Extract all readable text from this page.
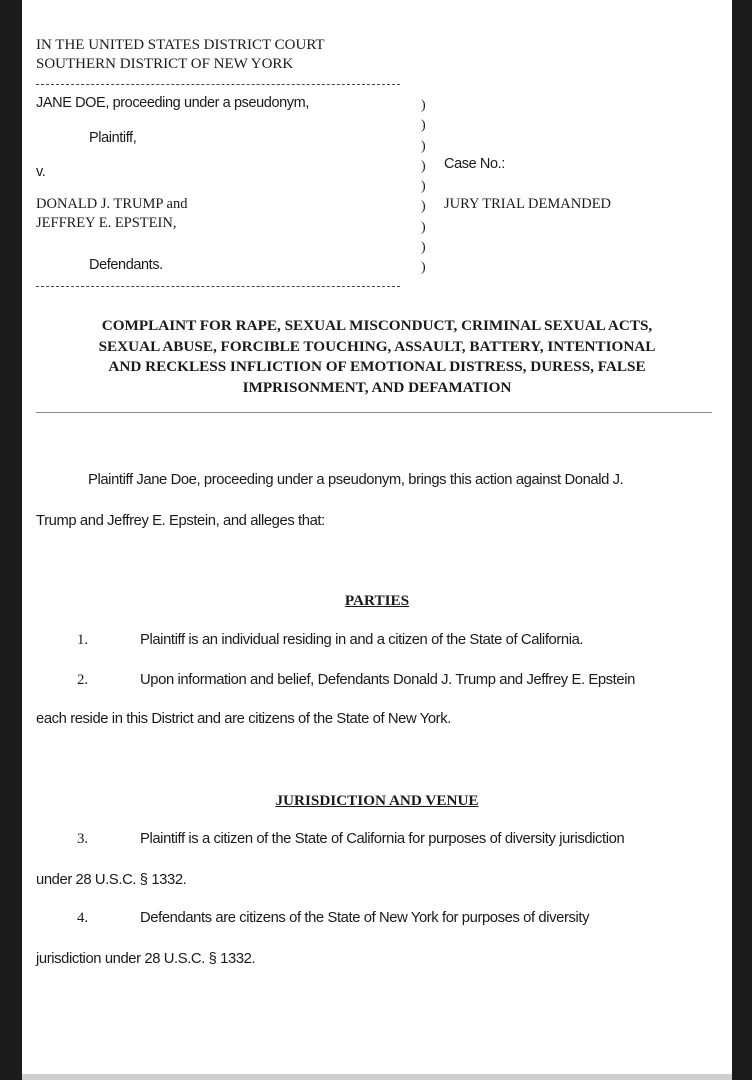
IN THE UNITED STATES DISTRICT COURT
SOUTHERN DISTRICT OF NEW YORK
JANE DOE, proceeding under a pseudonym,
Plaintiff,
v.
DONALD J. TRUMP and
JEFFREY E. EPSTEIN,
Defendants.
)
)
)
)
)
)
)
)
)
Case No.:
JURY TRIAL DEMANDED
COMPLAINT FOR RAPE, SEXUAL MISCONDUCT, CRIMINAL SEXUAL ACTS,
SEXUAL ABUSE, FORCIBLE TOUCHING, ASSAULT, BATTERY, INTENTIONAL
AND RECKLESS INFLICTION OF EMOTIONAL DISTRESS, DURESS, FALSE
IMPRISONMENT, AND DEFAMATION
Plaintiff Jane Doe, proceeding under a pseudonym, brings this action against Donald J.
Trump and Jeffrey E. Epstein, and alleges that:
PARTIES
1.	Plaintiff is an individual residing in and a citizen of the State of California.
2.	Upon information and belief, Defendants Donald J. Trump and Jeffrey E. Epstein
each reside in this District and are citizens of the State of New York.
JURISDICTION AND VENUE
3.	Plaintiff is a citizen of the State of California for purposes of diversity jurisdiction
under 28 U.S.C. § 1332.
4.	Defendants are citizens of the State of New York for purposes of diversity
jurisdiction under 28 U.S.C. § 1332.
